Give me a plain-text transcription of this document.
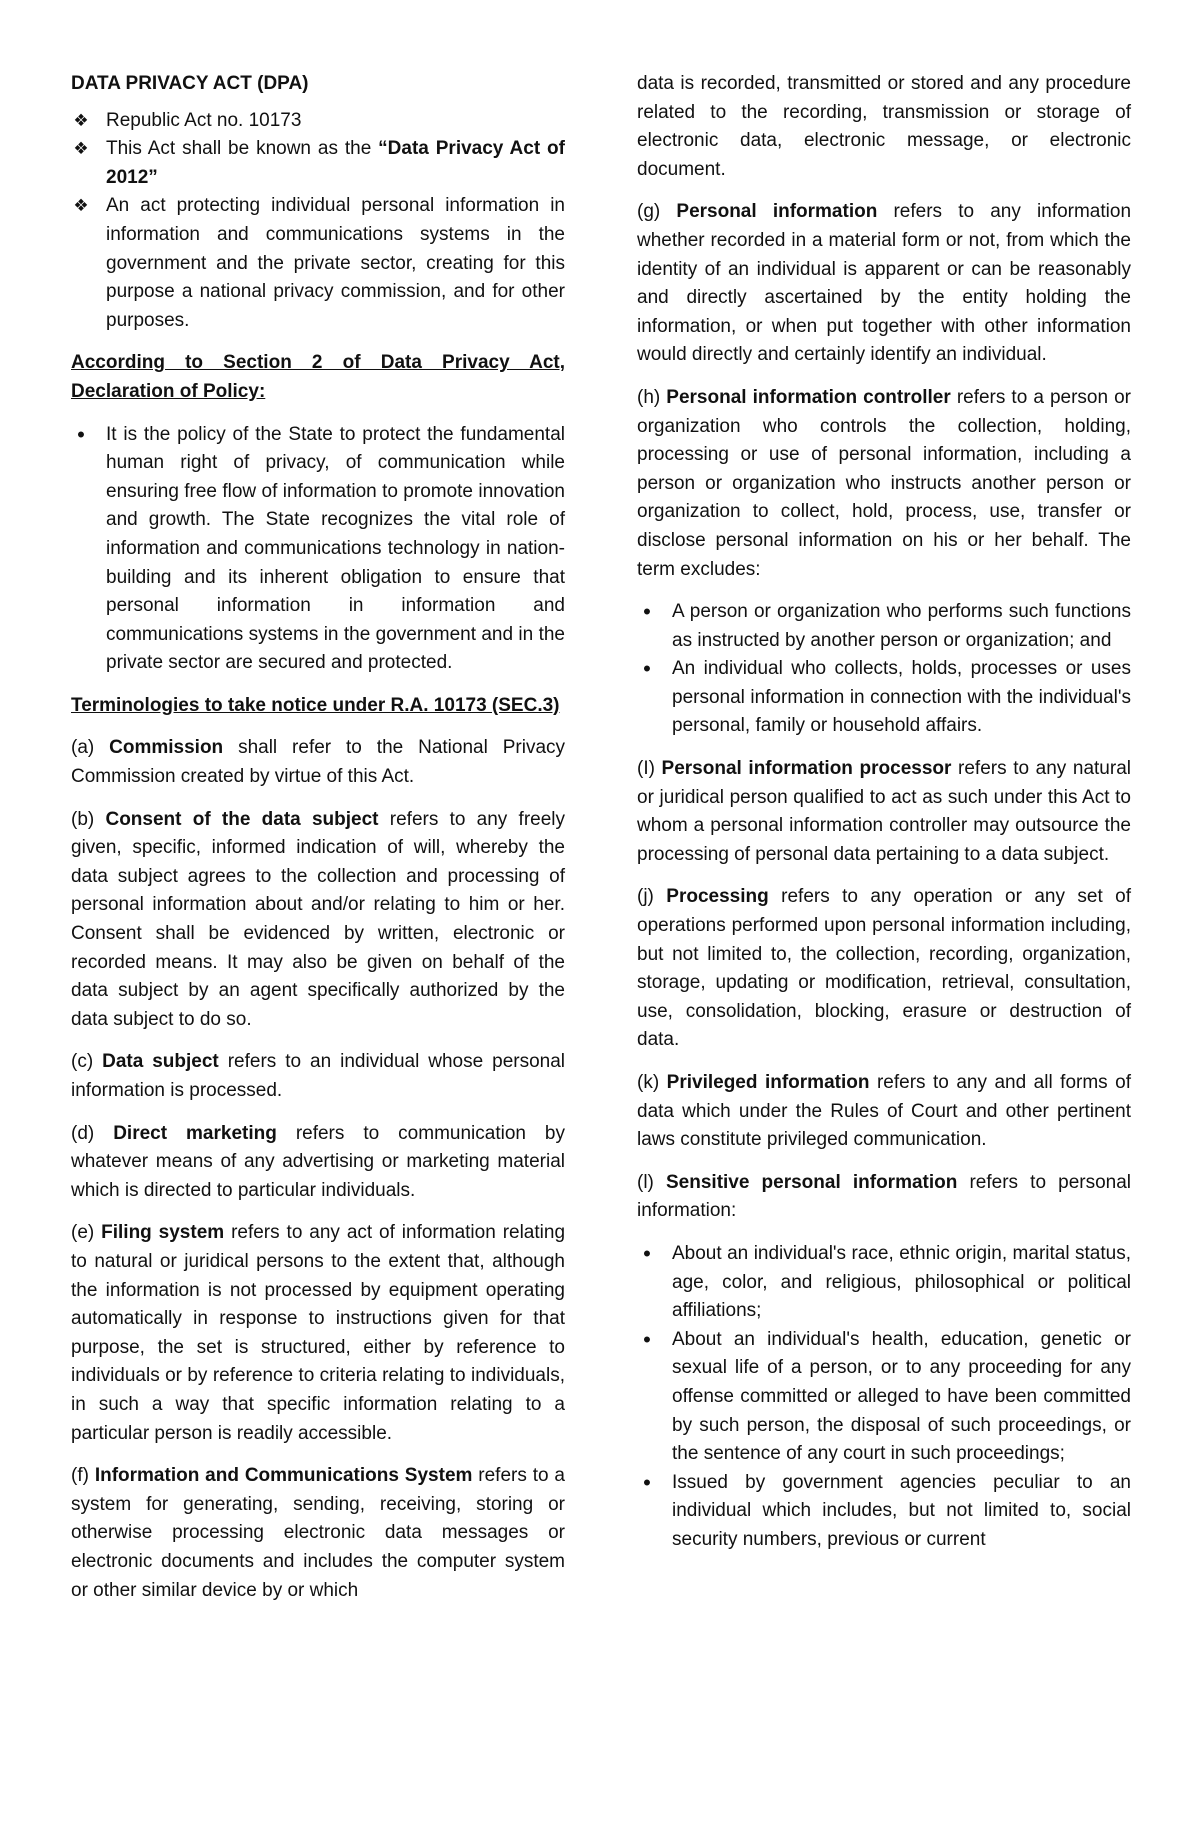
DATA PRIVACY ACT (DPA)
❖ Republic Act no. 10173
❖ This Act shall be known as the “Data Privacy Act of 2012”
❖ An act protecting individual personal information in information and communications systems in the government and the private sector, creating for this purpose a national privacy commission, and for other purposes.

According to Section 2 of Data Privacy Act, Declaration of Policy:

•	It is the policy of the State to protect the fundamental human right of privacy, of communication while ensuring free flow of information to promote innovation and growth. The State recognizes the vital role of information and communications technology in nation-building and its inherent obligation to ensure that personal information in information and communications systems in the government and in the private sector are secured and protected.

Terminologies to take notice under R.A. 10173 (SEC.3)

(a) Commission shall refer to the National Privacy Commission created by virtue of this Act.

(b) Consent of the data subject refers to any freely given, specific, informed indication of will, whereby the data subject agrees to the collection and processing of personal information about and/or relating to him or her. Consent shall be evidenced by written, electronic or recorded means. It may also be given on behalf of the data subject by an agent specifically authorized by the data subject to do so.

(c) Data subject refers to an individual whose personal information is processed.

(d) Direct marketing refers to communication by whatever means of any advertising or marketing material which is directed to particular individuals.

(e) Filing system refers to any act of information relating to natural or juridical persons to the extent that, although the information is not processed by equipment operating automatically in response to instructions given for that purpose, the set is structured, either by reference to individuals or by reference to criteria relating to individuals, in such a way that specific information relating to a particular person is readily accessible.

(f) Information and Communications System refers to a system for generating, sending, receiving, storing or otherwise processing electronic data messages or electronic documents and includes the computer system or other similar device by or which

data is recorded, transmitted or stored and any procedure related to the recording, transmission or storage of electronic data, electronic message, or electronic document.

(g) Personal information refers to any information whether recorded in a material form or not, from which the identity of an individual is apparent or can be reasonably and directly ascertained by the entity holding the information, or when put together with other information would directly and certainly identify an individual.

(h) Personal information controller refers to a person or organization who controls the collection, holding, processing or use of personal information, including a person or organization who instructs another person or organization to collect, hold, process, use, transfer or disclose personal information on his or her behalf. The term excludes:

•	A person or organization who performs such functions as instructed by another person or organization; and
•	An individual who collects, holds, processes or uses personal information in connection with the individual's personal, family or household affairs.

(I) Personal information processor refers to any natural or juridical person qualified to act as such under this Act to whom a personal information controller may outsource the processing of personal data pertaining to a data subject.

(j) Processing refers to any operation or any set of operations performed upon personal information including, but not limited to, the collection, recording, organization, storage, updating or modification, retrieval, consultation, use, consolidation, blocking, erasure or destruction of data.

(k) Privileged information refers to any and all forms of data which under the Rules of Court and other pertinent laws constitute privileged communication.

(l) Sensitive personal information refers to personal information:

•	About an individual's race, ethnic origin, marital status, age, color, and religious, philosophical or political affiliations;
•	About an individual's health, education, genetic or sexual life of a person, or to any proceeding for any offense committed or alleged to have been committed by such person, the disposal of such proceedings, or the sentence of any court in such proceedings;
•	Issued by government agencies peculiar to an individual which includes, but not limited to, social security numbers, previous or current
